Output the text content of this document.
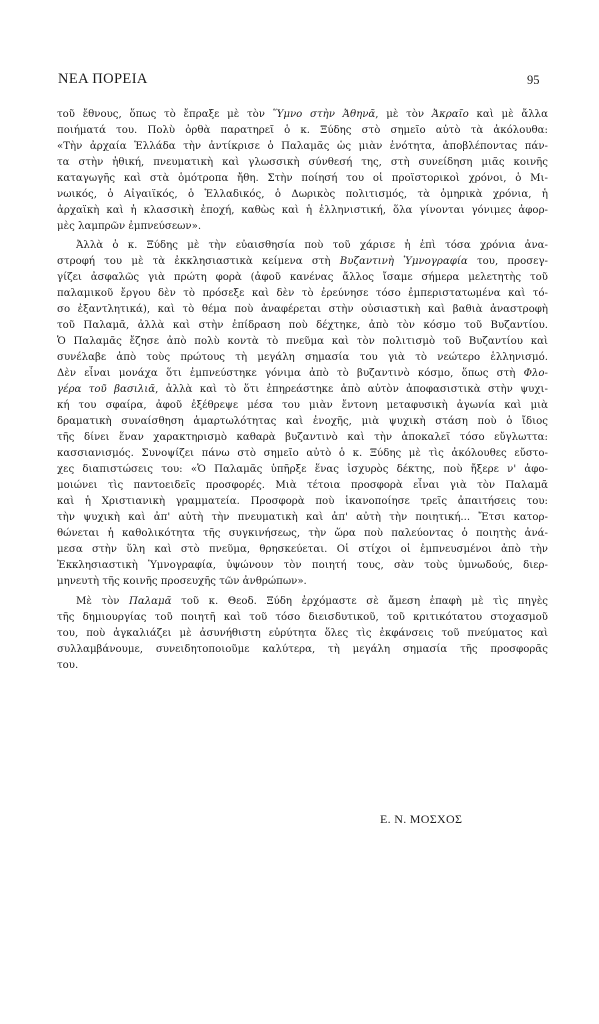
ΝΕΑ ΠΟΡΕΙΑ	95
τοῦ ἔθνους, ὅπως τὸ ἔπραξε μὲ τὸν Ὕμνο στὴν Ἀθηνᾶ, μὲ τὸν Ἀκραῖο καὶ μὲ ἄλλα
ποιήματά του. Πολὺ ὀρθὰ παρατηρεῖ ὁ κ. Ξύδης στὸ σημεῖο αὐτὸ τὰ ἀκόλουθα:
«Τὴν ἀρχαία Ἑλλάδα τὴν ἀντίκρισε ὁ Παλαμᾶς ὡς μιὰν ἑνότητα, ἀποβλέποντας πάν-
τα στὴν ἠθική, πνευματικὴ καὶ γλωσσικὴ σύνθεσή της, στὴ συνείδηση μιᾶς κοινῆς
καταγωγῆς καὶ στὰ ὁμότροπα ἤθη. Στὴν ποίησή του οἱ προϊστορικοὶ χρόνοι, ὁ Μι-
νωικός, ὁ Αἰγαιϊκός, ὁ Ἑλλαδικός, ὁ Δωρικὸς πολιτισμός, τὰ ὁμηρικὰ χρόνια, ἡ
ἀρχαϊκὴ καὶ ἡ κλασσικὴ ἐποχή, καθὼς καὶ ἡ ἑλληνιστική, ὅλα γίνονται γόνιμες ἀφορ-
μὲς λαμπρῶν ἐμπνεύσεων».
Ἀλλὰ ὁ κ. Ξύδης μὲ τὴν εὐαισθησία ποὺ τοῦ χάρισε ἡ ἐπὶ τόσα χρόνια ἀνα-
στροφή του μὲ τὰ ἐκκλησιαστικὰ κείμενα στὴ Βυζαντινὴ Ὑμνογραφία του, προσεγ-
γίζει ἀσφαλῶς γιὰ πρώτη φορὰ (ἀφοῦ κανένας ἄλλος ἴσαμε σήμερα μελετητὴς τοῦ
παλαμικοῦ ἔργου δὲν τὸ πρόσεξε καὶ δὲν τὸ ἐρεύνησε τόσο ἐμπεριστατωμένα καὶ τό-
σο ἐξαντλητικά), καὶ τὸ θέμα ποὺ ἀναφέρεται στὴν οὐσιαστικὴ καὶ βαθιὰ ἀναστροφὴ
τοῦ Παλαμᾶ, ἀλλὰ καὶ στὴν ἐπίδραση ποὺ δέχτηκε, ἀπὸ τὸν κόσμο τοῦ Βυζαντίου.
Ὁ Παλαμᾶς ἔζησε ἀπὸ πολὺ κοντὰ τὸ πνεῦμα καὶ τὸν πολιτισμὸ τοῦ Βυζαντίου καὶ
συνέλαβε ἀπὸ τοὺς πρώτους τὴ μεγάλη σημασία του γιὰ τὸ νεώτερο ἑλληνισμό.
Δὲν εἶναι μονάχα ὅτι ἐμπνεύστηκε γόνιμα ἀπὸ τὸ βυζαντινὸ κόσμο, ὅπως στὴ Φλο-
γέρα τοῦ βασιλιᾶ, ἀλλὰ καὶ τὸ ὅτι ἐπηρεάστηκε ἀπὸ αὐτὸν ἀποφασιστικὰ στὴν ψυχι-
κή του σφαίρα, ἀφοῦ ἐξέθρεψε μέσα του μιὰν ἔντονη μεταφυσικὴ ἀγωνία καὶ μιὰ
δραματικὴ συναίσθηση ἁμαρτωλότητας καὶ ἐνοχῆς, μιὰ ψυχικὴ στάση ποὺ ὁ ἴδιος
τῆς δίνει ἕναν χαρακτηρισμὸ καθαρὰ βυζαντινὸ καὶ τὴν ἀποκαλεῖ τόσο εὔγλωττα:
κασσιανισμός. Συνοψίζει πάνω στὸ σημεῖο αὐτὸ ὁ κ. Ξύδης μὲ τὶς ἀκόλουθες εὔστο-
χες διαπιστώσεις του: «Ὁ Παλαμᾶς ὑπῆρξε ἕνας ἰσχυρὸς δέκτης, ποὺ ἤξερε ν' ἀφο-
μοιώνει τὶς παντοειδεῖς προσφορές. Μιὰ τέτοια προσφορὰ εἶναι γιὰ τὸν Παλαμᾶ
καὶ ἡ Χριστιανικὴ γραμματεία. Προσφορὰ ποὺ ἱκανοποίησε τρεῖς ἀπαιτήσεις του:
τὴν ψυχικὴ καὶ ἀπ' αὐτὴ τὴν πνευματικὴ καὶ ἀπ' αὐτὴ τὴν ποιητική... Ἔτσι κατορ-
θώνεται ἡ καθολικότητα τῆς συγκινήσεως, τὴν ὥρα ποὺ παλεύοντας ὁ ποιητὴς ἀνά-
μεσα στὴν ὕλη καὶ στὸ πνεῦμα, θρησκεύεται. Οἱ στίχοι οἱ ἐμπνευσμένοι ἀπὸ τὴν
Ἐκκλησιαστικὴ Ὑμνογραφία, ὑψώνουν τὸν ποιητή τους, σὰν τοὺς ὑμνωδούς, διερ-
μηνευτὴ τῆς κοινῆς προσευχῆς τῶν ἀνθρώπων».
Μὲ τὸν Παλαμᾶ τοῦ κ. Θεοδ. Ξύδη ἐρχόμαστε σὲ ἄμεση ἐπαφὴ μὲ τὶς πηγὲς
τῆς δημιουργίας τοῦ ποιητῆ καὶ τοῦ τόσο διεισδυτικοῦ, τοῦ κριτικότατου στοχασμοῦ
του, ποὺ ἀγκαλιάζει μὲ ἀσυνήθιστη εὐρύτητα ὅλες τὶς ἐκφάνσεις τοῦ πνεύματος καὶ
συλλαμβάνουμε, συνειδητοποιοῦμε καλύτερα, τὴ μεγάλη σημασία τῆς προσφορᾶς
του.
Ε. Ν. ΜΟΣΧΟΣ
